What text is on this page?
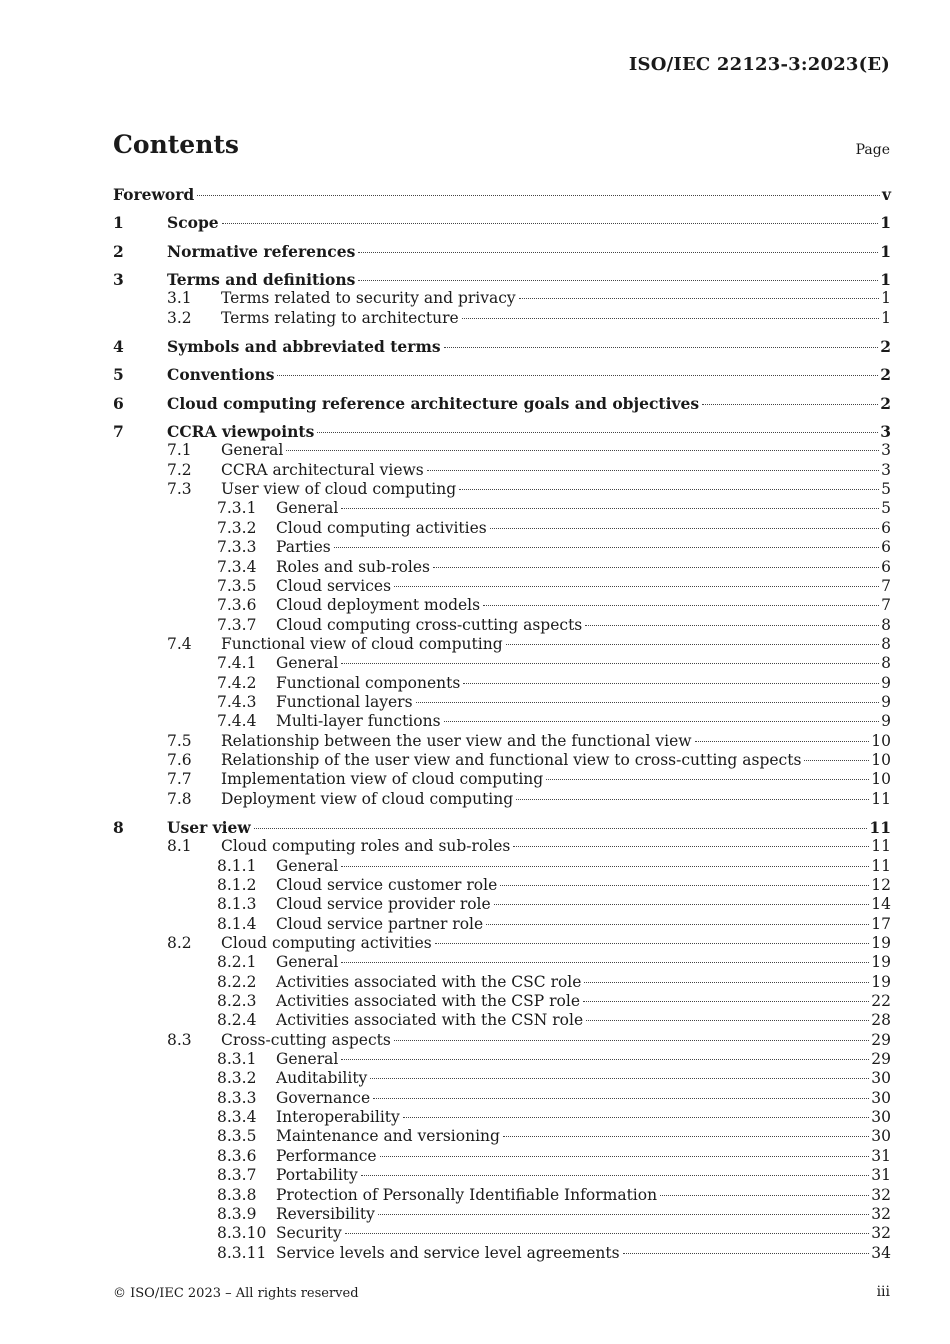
ISO/IEC 22123-3:2023(E)
Contents	Page
Foreword	v
1	Scope	1
2	Normative references	1
3	Terms and definitions	1
3.1 Terms related to security and privacy	1
3.2 Terms relating to architecture	1
4	Symbols and abbreviated terms	2
5	Conventions	2
6	Cloud computing reference architecture goals and objectives	2
7	CCRA viewpoints	3
7.1 General	3
7.2 CCRA architectural views	3
7.3 User view of cloud computing	5
7.3.1 General	5
7.3.2 Cloud computing activities	6
7.3.3 Parties	6
7.3.4 Roles and sub-roles	6
7.3.5 Cloud services	7
7.3.6 Cloud deployment models	7
7.3.7 Cloud computing cross-cutting aspects	8
7.4 Functional view of cloud computing	8
7.4.1 General	8
7.4.2 Functional components	9
7.4.3 Functional layers	9
7.4.4 Multi-layer functions	9
7.5 Relationship between the user view and the functional view	10
7.6 Relationship of the user view and functional view to cross-cutting aspects	10
7.7 Implementation view of cloud computing	10
7.8 Deployment view of cloud computing	11
8	User view	11
8.1 Cloud computing roles and sub-roles	11
8.1.1 General	11
8.1.2 Cloud service customer role	12
8.1.3 Cloud service provider role	14
8.1.4 Cloud service partner role	17
8.2 Cloud computing activities	19
8.2.1 General	19
8.2.2 Activities associated with the CSC role	19
8.2.3 Activities associated with the CSP role	22
8.2.4 Activities associated with the CSN role	28
8.3 Cross-cutting aspects	29
8.3.1 General	29
8.3.2 Auditability	30
8.3.3 Governance	30
8.3.4 Interoperability	30
8.3.5 Maintenance and versioning	30
8.3.6 Performance	31
8.3.7 Portability	31
8.3.8 Protection of Personally Identifiable Information	32
8.3.9 Reversibility	32
8.3.10 Security	32
8.3.11 Service levels and service level agreements	34
© ISO/IEC 2023 – All rights reserved	iii
